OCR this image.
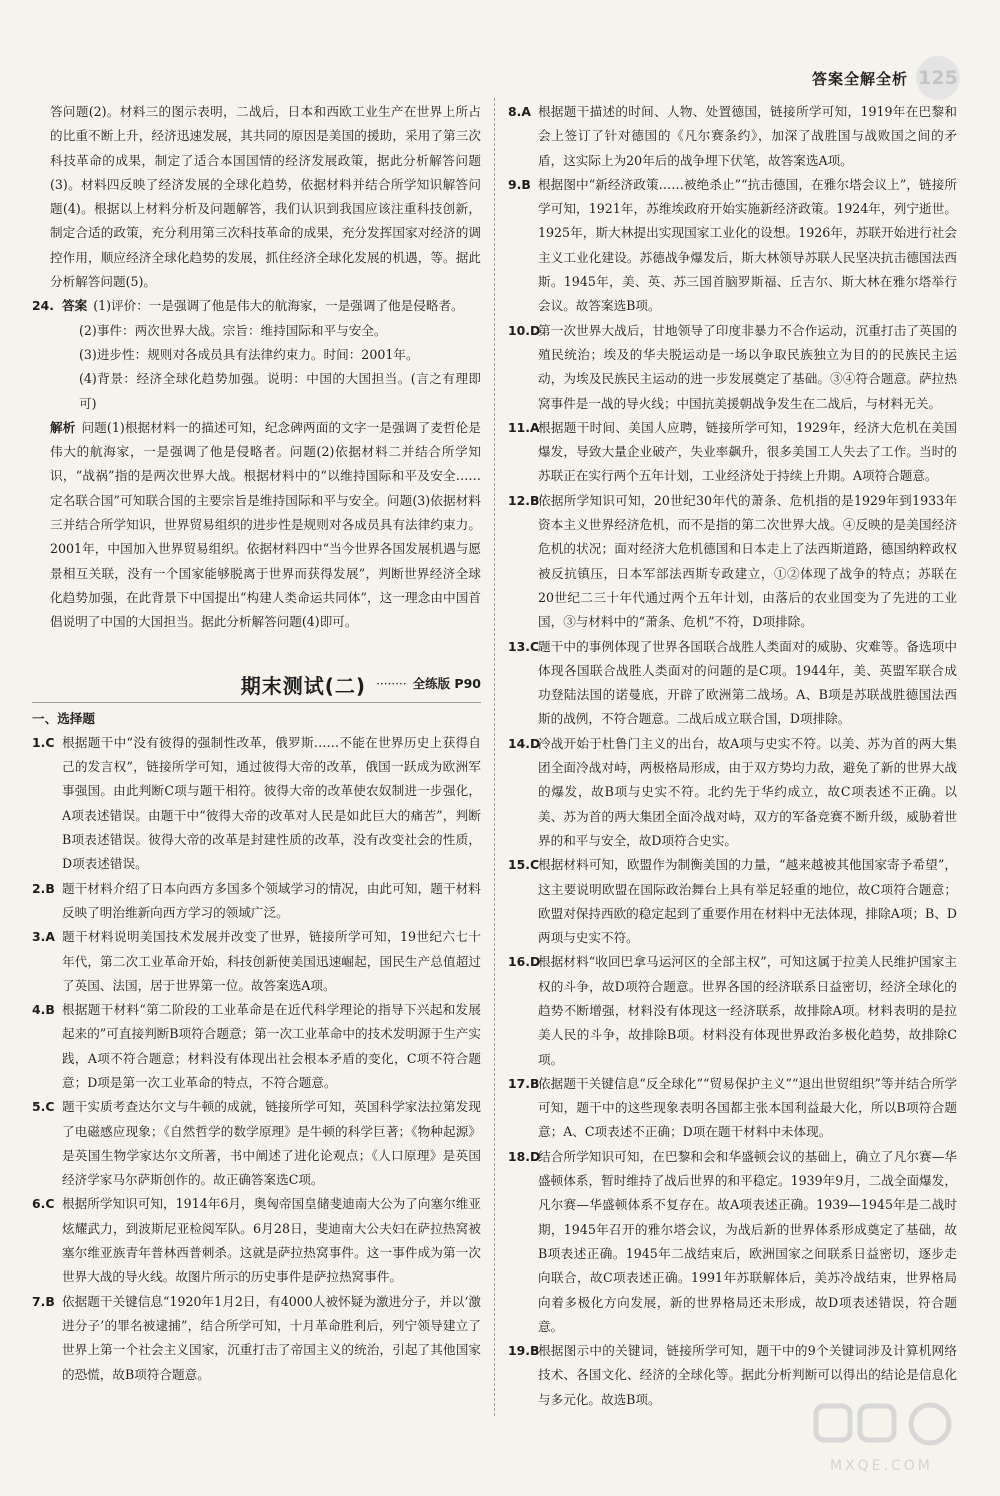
答案全解全析 125

答问题(2)。材料三的图示表明，二战后，日本和西欧工业生产在世界上所占的比重不断上升，经济迅速发展，其共同的原因是美国的援助，采用了第三次科技革命的成果，制定了适合本国国情的经济发展政策，据此分析解答问题(3)。材料四反映了经济发展的全球化趋势，依据材料并结合所学知识解答问题(4)。根据以上材料分析及问题解答，我们认识到我国应该注重科技创新，制定合适的政策，充分利用第三次科技革命的成果，充分发挥国家对经济的调控作用，顺应经济全球化趋势的发展，抓住经济全球化发展的机遇，等。据此分析解答问题(5)。

24. 答案 (1)评价：一是强调了他是伟大的航海家，一是强调了他是侵略者。

(2)事件：两次世界大战。宗旨：维持国际和平与安全。

(3)进步性：规则对各成员具有法律约束力。时间：2001年。

(4)背景：经济全球化趋势加强。说明：中国的大国担当。(言之有理即可)

解析 问题(1)根据材料一的描述可知，纪念碑两面的文字一是强调了麦哲伦是伟大的航海家，一是强调了他是侵略者。问题(2)依据材料二并结合所学知识，“战祸”指的是两次世界大战。根据材料中的“以维持国际和平及安全……定名联合国”可知联合国的主要宗旨是维持国际和平与安全。问题(3)依据材料三并结合所学知识，世界贸易组织的进步性是规则对各成员具有法律约束力。2001年，中国加入世界贸易组织。依据材料四中“当今世界各国发展机遇与愿景相互关联，没有一个国家能够脱离于世界而获得发展”，判断世界经济全球化趋势加强，在此背景下中国提出“构建人类命运共同体”，这一理念由中国首倡说明了中国的大国担当。据此分析解答问题(4)即可。

期末测试(二) ········ 全练版 P90

一、选择题

1.C 根据题干中“没有彼得的强制性改革，俄罗斯……不能在世界历史上获得自己的发言权”，链接所学可知，通过彼得大帝的改革，俄国一跃成为欧洲军事强国。由此判断C项与题干相符。彼得大帝的改革使农奴制进一步强化，A项表述错误。由题干中“彼得大帝的改革对人民是如此巨大的痛苦”，判断B项表述错误。彼得大帝的改革是封建性质的改革，没有改变社会的性质，D项表述错误。
2.B 题干材料介绍了日本向西方多国多个领域学习的情况，由此可知，题干材料反映了明治维新向西方学习的领域广泛。
3.A 题干材料说明美国技术发展并改变了世界，链接所学可知，19世纪六七十年代，第二次工业革命开始，科技创新使美国迅速崛起，国民生产总值超过了英国、法国，居于世界第一位。故答案选A项。
4.B 根据题干材料“第二阶段的工业革命是在近代科学理论的指导下兴起和发展起来的”可直接判断B项符合题意；第一次工业革命中的技术发明源于生产实践，A项不符合题意；材料没有体现出社会根本矛盾的变化，C项不符合题意；D项是第一次工业革命的特点，不符合题意。
5.C 题干实质考查达尔文与牛顿的成就，链接所学可知，英国科学家法拉第发现了电磁感应现象；《自然哲学的数学原理》是牛顿的科学巨著；《物种起源》是英国生物学家达尔文所著，书中阐述了进化论观点；《人口原理》是英国经济学家马尔萨斯创作的。故正确答案选C项。
6.C 根据所学知识可知，1914年6月，奥匈帝国皇储斐迪南大公为了向塞尔维亚炫耀武力，到波斯尼亚检阅军队。6月28日，斐迪南大公夫妇在萨拉热窝被塞尔维亚族青年普林西普刺杀。这就是萨拉热窝事件。这一事件成为第一次世界大战的导火线。故图片所示的历史事件是萨拉热窝事件。
7.B 依据题干关键信息“1920年1月2日，有4000人被怀疑为激进分子，并以‘激进分子’的罪名被逮捕”，结合所学可知，十月革命胜利后，列宁领导建立了世界上第一个社会主义国家，沉重打击了帝国主义的统治，引起了其他国家的恐慌，故B项符合题意。
8.A 根据题干描述的时间、人物、处置德国，链接所学可知，1919年在巴黎和会上签订了针对德国的《凡尔赛条约》，加深了战胜国与战败国之间的矛盾，这实际上为20年后的战争埋下伏笔，故答案选A项。
9.B 根据图中“新经济政策……被绝杀止”“抗击德国，在雅尔塔会议上”，链接所学可知，1921年，苏维埃政府开始实施新经济政策。1924年，列宁逝世。1925年，斯大林提出实现国家工业化的设想。1926年，苏联开始进行社会主义工业化建设。苏德战争爆发后，斯大林领导苏联人民坚决抗击德国法西斯。1945年，美、英、苏三国首脑罗斯福、丘吉尔、斯大林在雅尔塔举行会议。故答案选B项。
10.D
第一次世界大战后，甘地领导了印度非暴力不合作运动，沉重打击了英国的殖民统治；埃及的华夫脱运动是一场以争取民族独立为目的的民族民主运动，为埃及民族民主运动的进一步发展奠定了基础。③④符合题意。萨拉热窝事件是一战的导火线；中国抗美援朝战争发生在二战后，与材料无关。
11.A
根据题干时间、美国人应聘，链接所学可知，1929年，经济大危机在美国爆发，导致大量企业破产，失业率飙升，很多美国工人失去了工作。当时的苏联正在实行两个五年计划，工业经济处于持续上升期。A项符合题意。
12.B
依据所学知识可知，20世纪30年代的萧条、危机指的是1929年到1933年资本主义世界经济危机，而不是指的第二次世界大战。④反映的是美国经济危机的状况；面对经济大危机德国和日本走上了法西斯道路，德国纳粹政权被反抗镇压，日本军部法西斯专政建立，①②体现了战争的特点；苏联在20世纪二三十年代通过两个五年计划，由落后的农业国变为了先进的工业国，③与材料中的“萧条、危机”不符，D项排除。
13.C
题干中的事例体现了世界各国联合战胜人类面对的威胁、灾难等。备选项中体现各国联合战胜人类面对的问题的是C项。1944年，美、英盟军联合成功登陆法国的诺曼底，开辟了欧洲第二战场。A、B项是苏联战胜德国法西斯的战例，不符合题意。二战后成立联合国，D项排除。
14.D
冷战开始于杜鲁门主义的出台，故A项与史实不符。以美、苏为首的两大集团全面冷战对峙，两极格局形成，由于双方势均力敌，避免了新的世界大战的爆发，故B项与史实不符。北约先于华约成立，故C项表述不正确。以美、苏为首的两大集团全面冷战对峙，双方的军备竞赛不断升级，威胁着世界的和平与安全，故D项符合史实。
15.C
根据材料可知，欧盟作为制衡美国的力量，“越来越被其他国家寄予希望”，这主要说明欧盟在国际政治舞台上具有举足轻重的地位，故C项符合题意；欧盟对保持西欧的稳定起到了重要作用在材料中无法体现，排除A项；B、D两项与史实不符。
16.D
根据材料“收回巴拿马运河区的全部主权”，可知这属于拉美人民维护国家主权的斗争，故D项符合题意。世界各国的经济联系日益密切，经济全球化的趋势不断增强，材料没有体现这一经济联系，故排除A项。材料表明的是拉美人民的斗争，故排除B项。材料没有体现世界政治多极化趋势，故排除C项。
17.B
依据题干关键信息“反全球化”“贸易保护主义”“退出世贸组织”等并结合所学可知，题干中的这些现象表明各国都主张本国利益最大化，所以B项符合题意；A、C项表述不正确；D项在题干材料中未体现。
18.D
结合所学知识可知，在巴黎和会和华盛顿会议的基础上，确立了凡尔赛—华盛顿体系，暂时维持了战后世界的和平稳定。1939年9月，二战全面爆发，凡尔赛—华盛顿体系不复存在。故A项表述正确。1939—1945年是二战时期，1945年召开的雅尔塔会议，为战后新的世界体系形成奠定了基础，故B项表述正确。1945年二战结束后，欧洲国家之间联系日益密切，逐步走向联合，故C项表述正确。1991年苏联解体后，美苏冷战结束，世界格局向着多极化方向发展，新的世界格局还未形成，故D项表述错误，符合题意。
19.B
根据图示中的关键词，链接所学可知，题干中的9个关键词涉及计算机网络技术、各国文化、经济的全球化等。据此分析判断可以得出的结论是信息化与多元化。故选B项。
MXQE.COM
